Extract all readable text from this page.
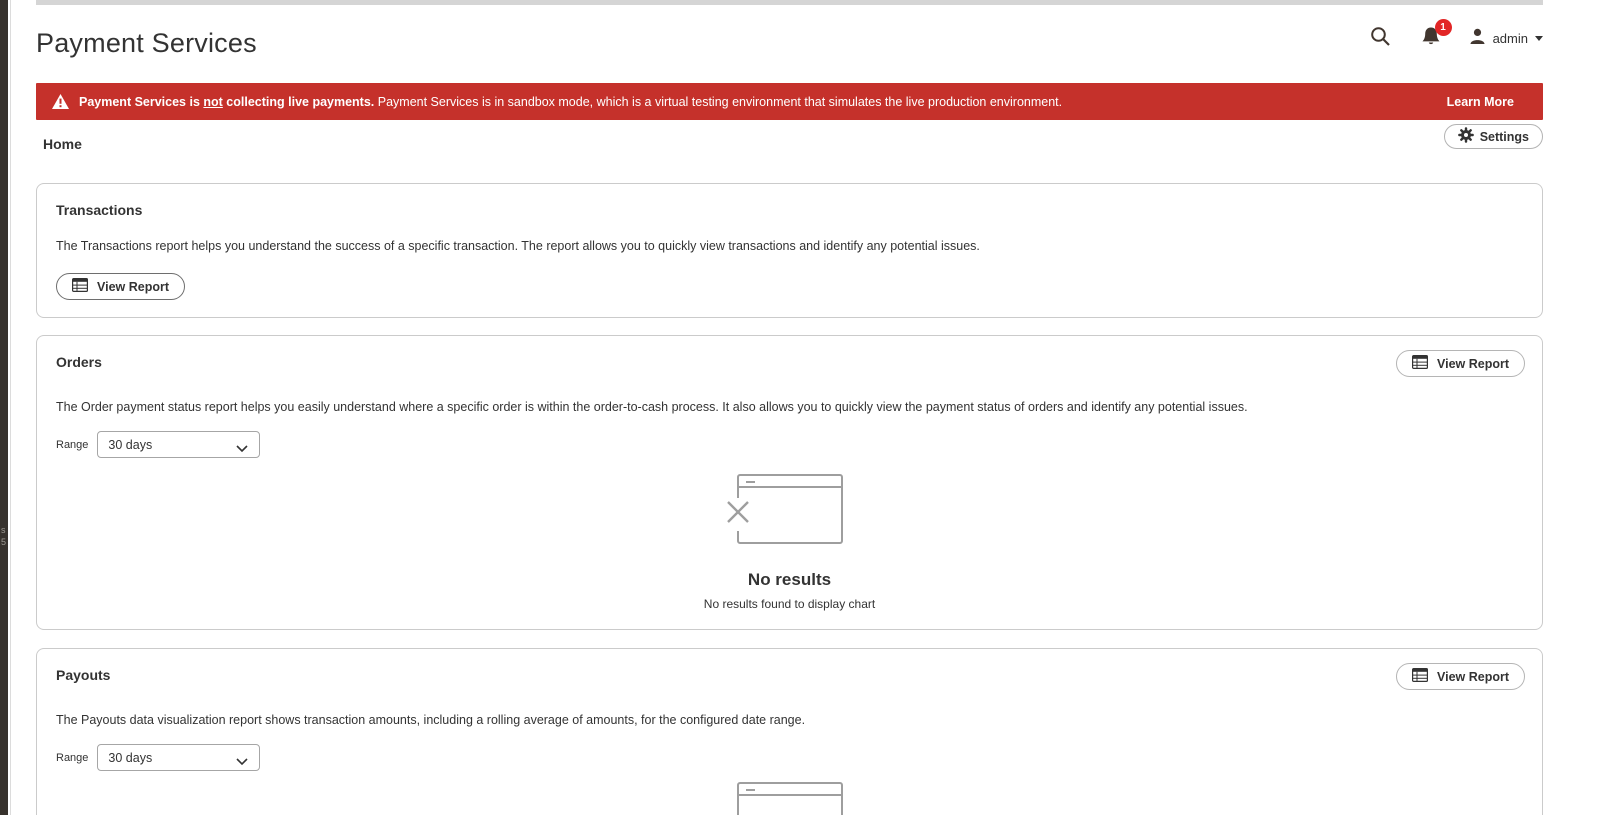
s
5
Payment Services
1
admin
Payment Services is not collecting live payments. Payment Services is in sandbox mode, which is a virtual testing environment that simulates the live production environment.	Learn More
Home	Settings
Transactions

The Transactions report helps you understand the success of a specific transaction. The report allows you to quickly view transactions and identify any potential issues.

View Report
Orders	View Report

The Order payment status report helps you easily understand where a specific order is within the order-to-cash process. It also allows you to quickly view the payment status of orders and identify any potential issues.

Range 30 days
No results
No results found to display chart
Payouts	View Report

The Payouts data visualization report shows transaction amounts, including a rolling average of amounts, for the configured date range.

Range 30 days
